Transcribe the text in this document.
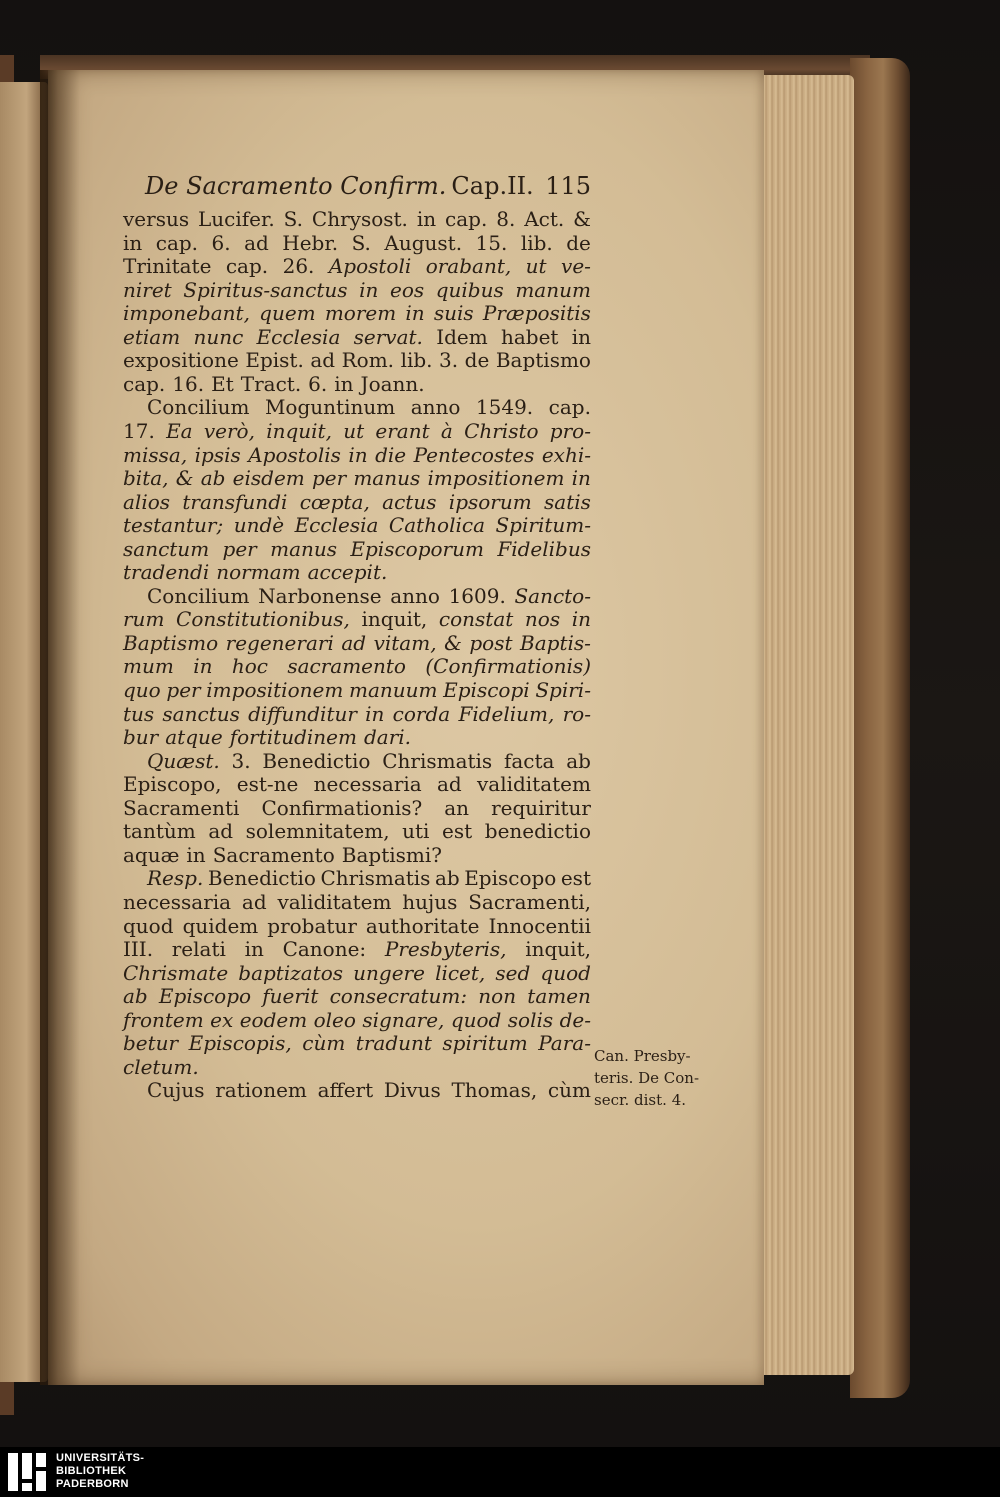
De Sacramento Confirm. Cap.II. 115
versus Lucifer. S. Chrysost. in cap. 8. Act. &
in cap. 6. ad Hebr. S. August. 15. lib. de
Trinitate cap. 26. Apostoli orabant, ut ve-
niret Spiritus-sanctus in eos quibus manum
imponebant, quem morem in suis Præpositis
etiam nunc Ecclesia servat. Idem habet in
expositione Epist. ad Rom. lib. 3. de Baptismo
cap. 16. Et Tract. 6. in Joann.
Concilium Moguntinum anno 1549. cap.
17. Ea verò, inquit, ut erant à Christo pro-
missa, ipsis Apostolis in die Pentecostes exhi-
bita, & ab eisdem per manus impositionem in
alios transfundi cœpta, actus ipsorum satis
testantur; undè Ecclesia Catholica Spiritum-
sanctum per manus Episcoporum Fidelibus
tradendi normam accepit.
Concilium Narbonense anno 1609. Sancto-
rum Constitutionibus, inquit, constat nos in
Baptismo regenerari ad vitam, & post Baptis-
mum in hoc sacramento (Confirmationis)
quo per impositionem manuum Episcopi Spiri-
tus sanctus diffunditur in corda Fidelium, ro-
bur atque fortitudinem dari.
Quæst. 3. Benedictio Chrismatis facta ab
Episcopo, est-ne necessaria ad validitatem
Sacramenti Confirmationis? an requiritur
tantùm ad solemnitatem, uti est benedictio
aquæ in Sacramento Baptismi?
Resp. Benedictio Chrismatis ab Episcopo est
necessaria ad validitatem hujus Sacramenti,
quod quidem probatur authoritate Innocentii
III. relati in Canone: Presbyteris, inquit,
Chrismate baptizatos ungere licet, sed quod
ab Episcopo fuerit consecratum: non tamen
frontem ex eodem oleo signare, quod solis de-
betur Episcopis, cùm tradunt spiritum Para-
cletum.
Cujus rationem affert Divus Thomas, cùm
Can. Presby-
teris. De Con-
secr. dist. 4.
UNIVERSITÄTS-
BIBLIOTHEK
PADERBORN
